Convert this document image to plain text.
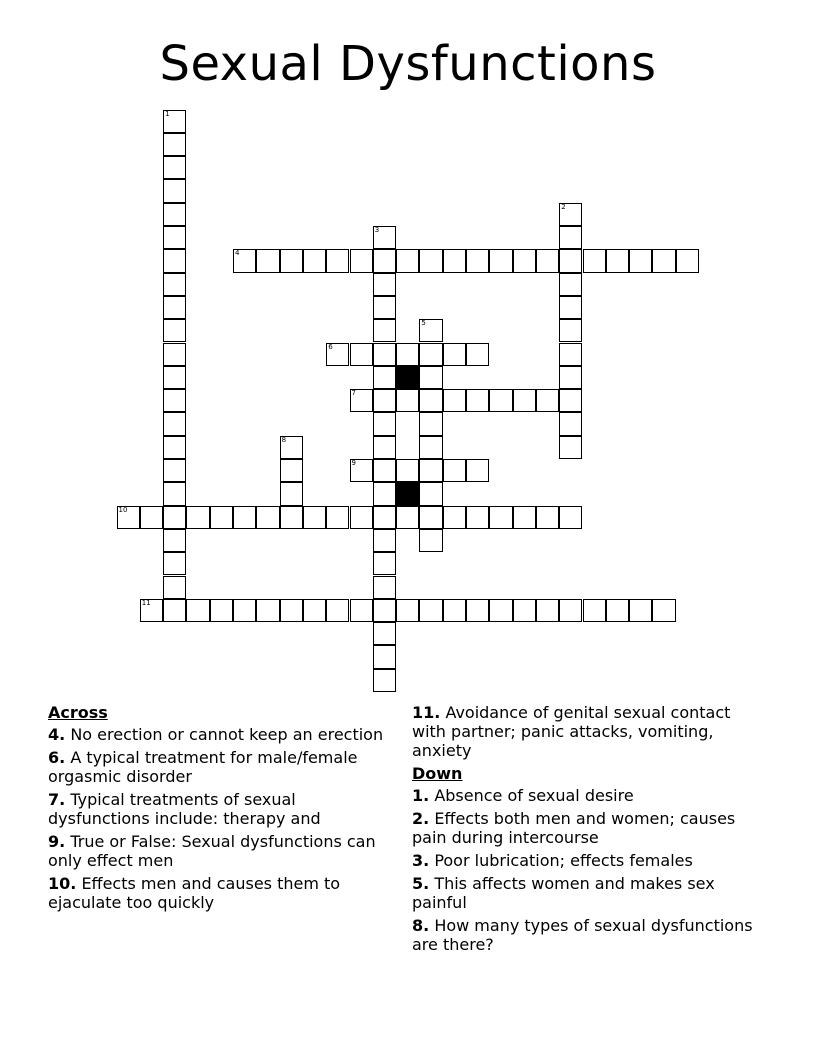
Sexual Dysfunctions
1
2
3
4
5
6
7
8
9
10
11
Across
4. No erection or cannot keep an erection
6. A typical treatment for male/female orgasmic disorder
7. Typical treatments of sexual dysfunctions include: therapy and
9. True or False: Sexual dysfunctions can only effect men
10. Effects men and causes them to ejaculate too quickly
11. Avoidance of genital sexual contact with partner; panic attacks, vomiting, anxiety
Down
1. Absence of sexual desire
2. Effects both men and women; causes pain during intercourse
3. Poor lubrication; effects females
5. This affects women and makes sex painful
8. How many types of sexual dysfunctions are there?
